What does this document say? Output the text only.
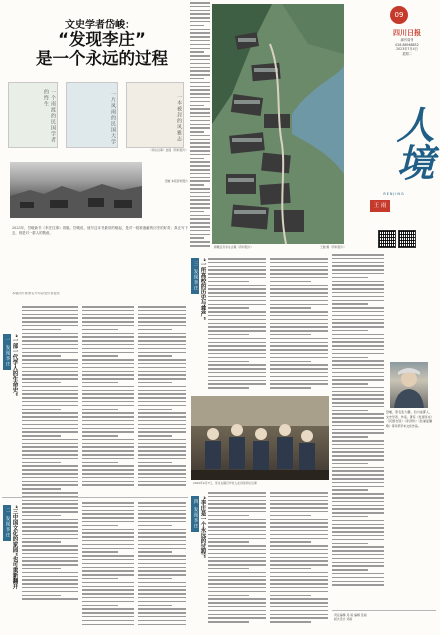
文史学者岱峻：
“发现李庄”
是一个永远的过程
一个南渡的民国学者的终生	一片风雨的民国大学	一本被封的风雅志
《李庄往事》封面（资料图片）
岱峻 本报资料图片
2023年，岱峻新书《李庄往事》再版。岱峻说，他写这本书最初的缘起，是对一段被遮蔽的历史的好奇；真正写下去，则是对一群人的敬意。
本版图片除署名外均由受访者提供
一 发现李庄 “一部一代学人的生命史”
二 发现李庄 “三中国文化的家园”也可重新翻开
俯瞰宜宾李庄古镇（资料图片）	王健 摄（资料图片）
三 发现李庄 “一所高校的历史与尊严”
2020年4月7日，李庄古镇百岁老人在讲述李庄往事
四 发现李庄 “李庄是一个永远的过程”
09
四川日报
副刊周刊
028-86968852
2023年7月4日
星期二
人境
RENJING
王 雨
岱峻，原名张大鹏，四川成都人，文史学者、作家。著有《发现李庄》《民国衣冠》《李济传》《弦诵复骊歌》等多部学术文化作品。
责任编辑 邓 雨 编辑 吴丽
版式设计 邓雨
